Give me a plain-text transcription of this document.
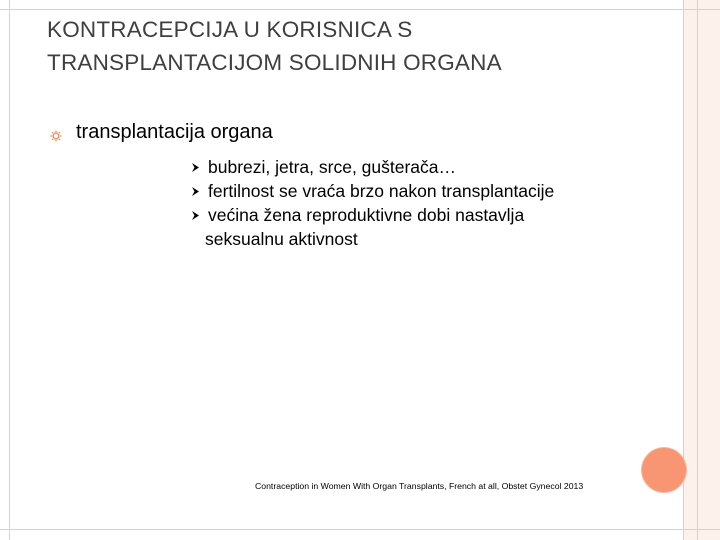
KONTRACEPCIJA U KORISNICA S
TRANSPLANTACIJOM SOLIDNIH ORGANA
transplantacija organa
bubrezi, jetra, srce, gušterača…
fertilnost se vraća brzo nakon transplantacije
većina žena reproduktivne dobi nastavlja
seksualnu aktivnost
Contraception in Women With Organ Transplants, French at all, Obstet Gynecol 2013
